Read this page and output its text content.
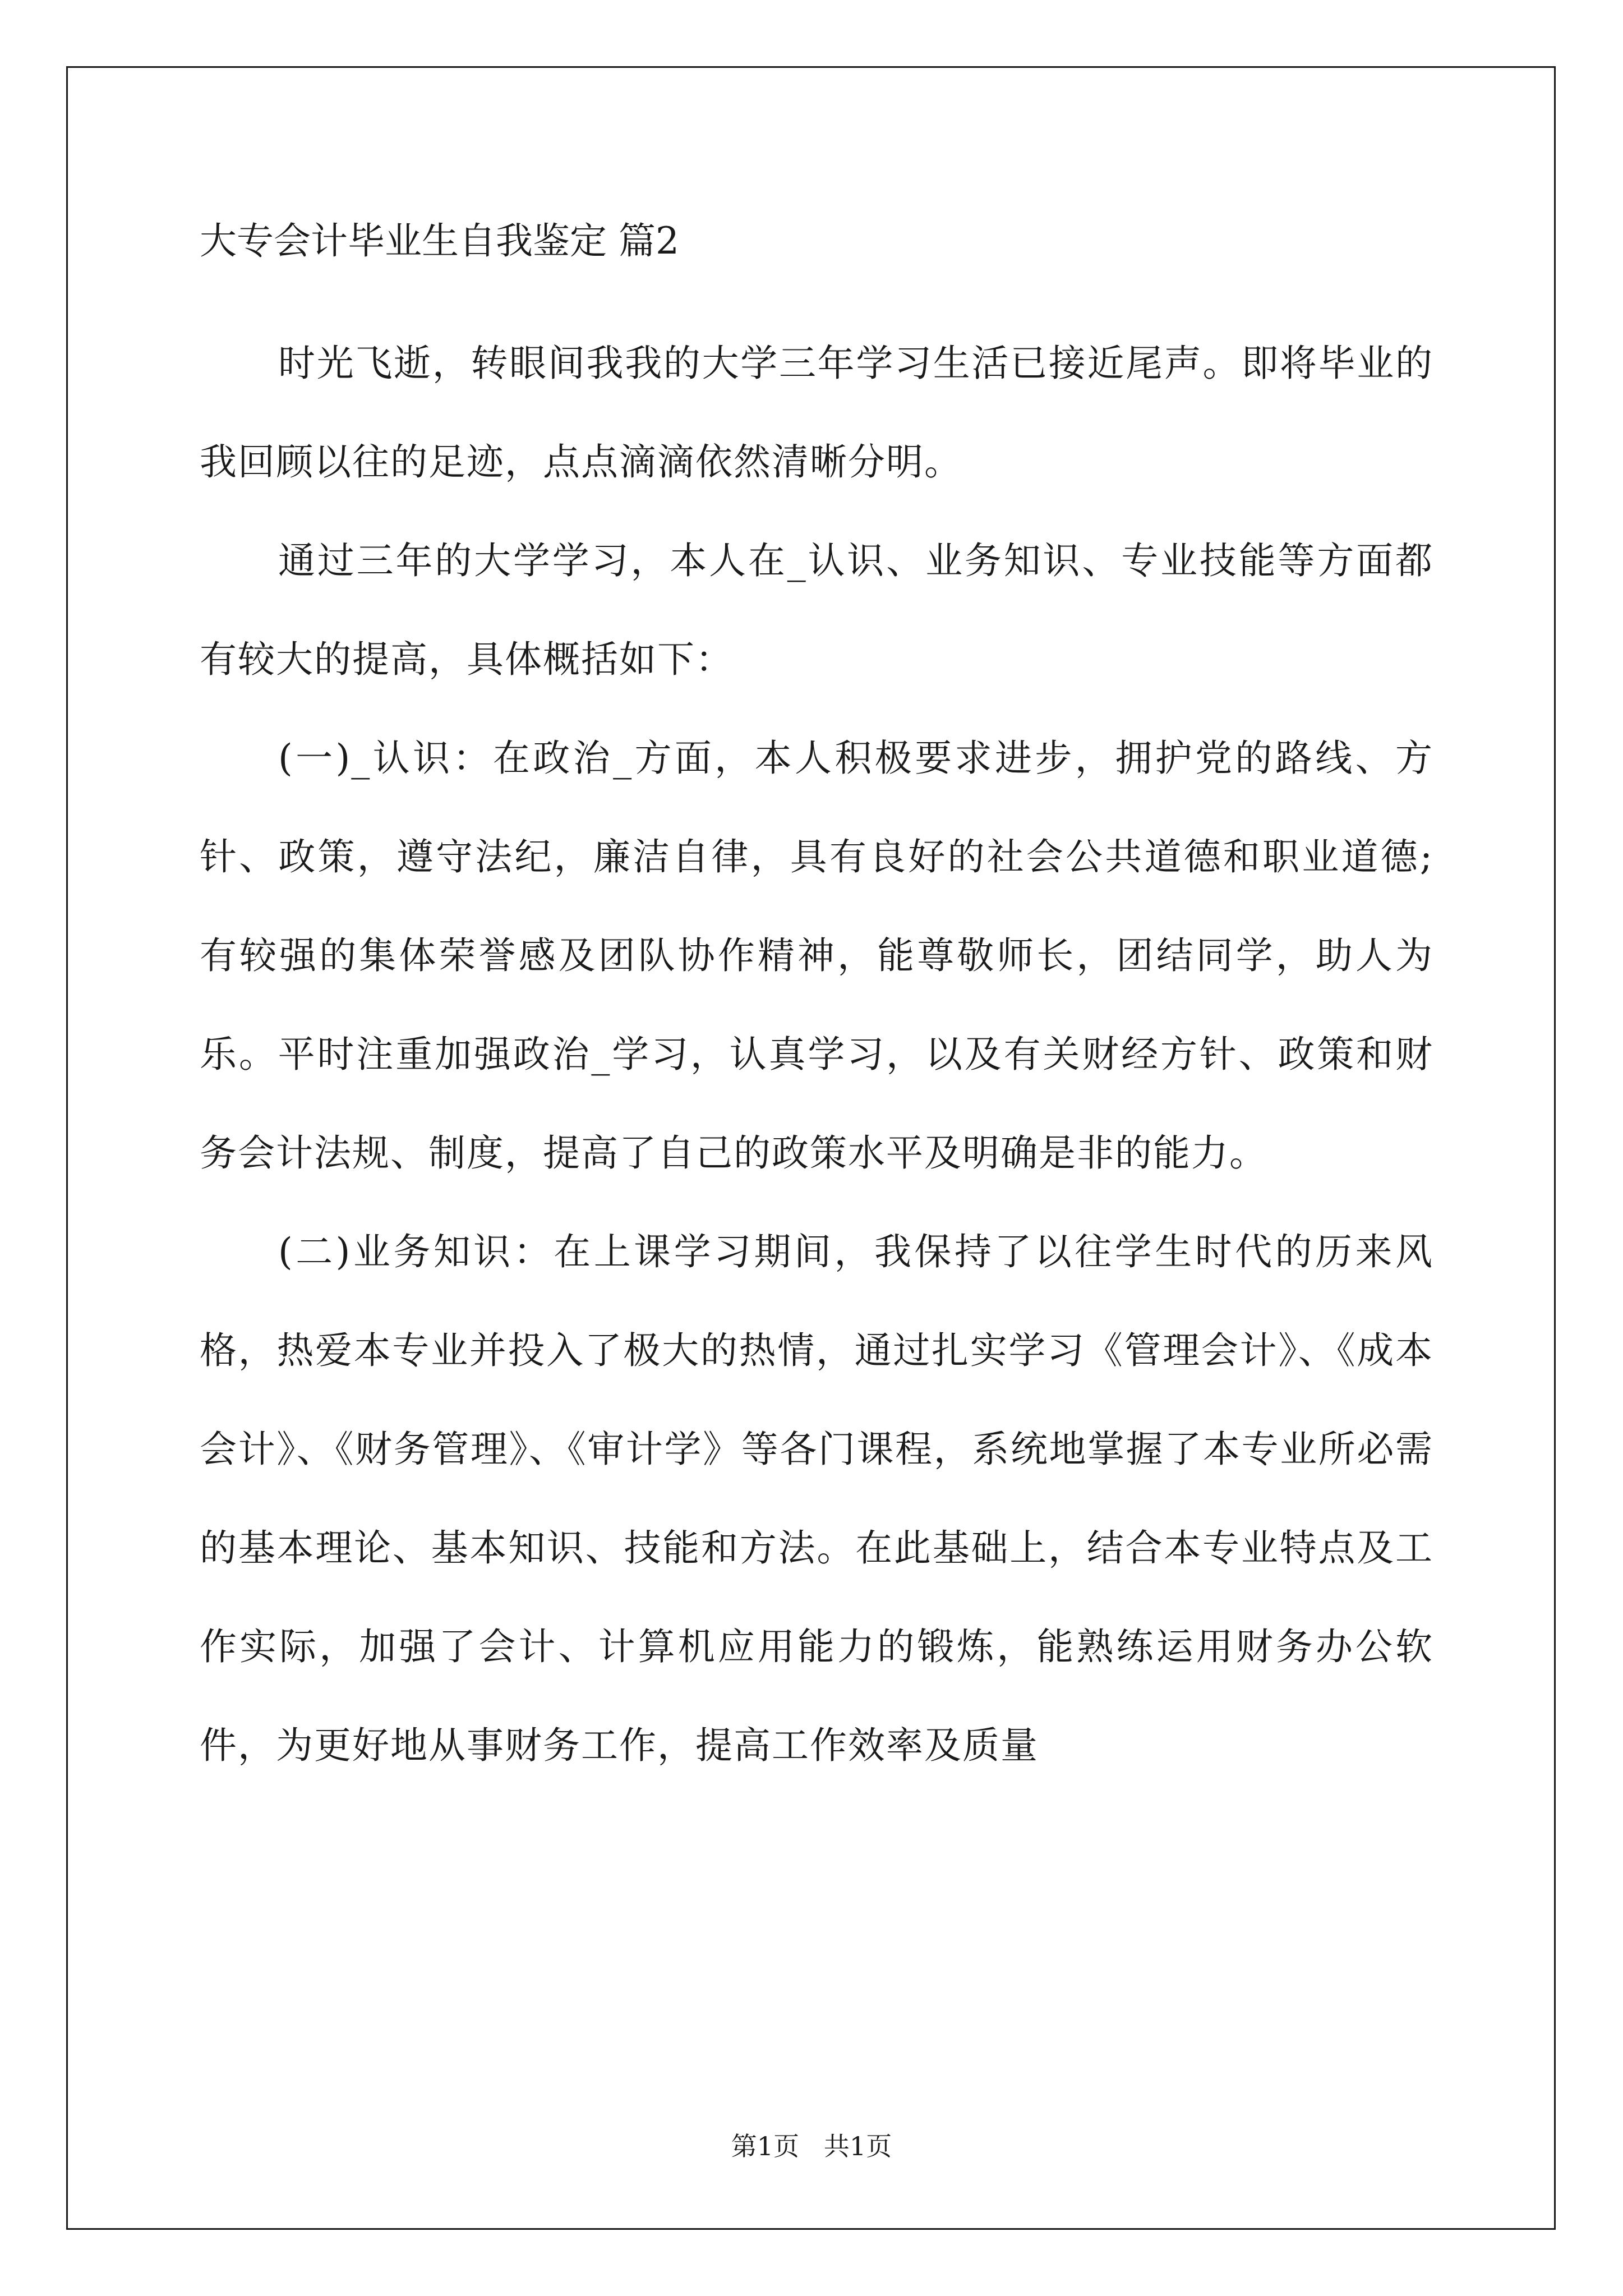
大专会计毕业生自我鉴定 篇2

时光飞逝，转眼间我我的大学三年学习生活已接近尾声。即将毕业的我回顾以往的足迹，点点滴滴依然清晰分明。

通过三年的大学学习，本人在_认识、业务知识、专业技能等方面都有较大的提高，具体概括如下：

(一)_认识：在政治_方面，本人积极要求进步，拥护党的路线、方针、政策，遵守法纪，廉洁自律，具有良好的社会公共道德和职业道德;有较强的集体荣誉感及团队协作精神，能尊敬师长，团结同学，助人为乐。平时注重加强政治_学习，认真学习，以及有关财经方针、政策和财务会计法规、制度，提高了自己的政策水平及明确是非的能力。

(二)业务知识：在上课学习期间，我保持了以往学生时代的历来风格，热爱本专业并投入了极大的热情，通过扎实学习《管理会计》、《成本会计》、《财务管理》、《审计学》等各门课程，系统地掌握了本专业所必需的基本理论、基本知识、技能和方法。在此基础上，结合本专业特点及工作实际，加强了会计、计算机应用能力的锻炼，能熟练运用财务办公软件，为更好地从事财务工作，提高工作效率及质量

第1页   共1页
